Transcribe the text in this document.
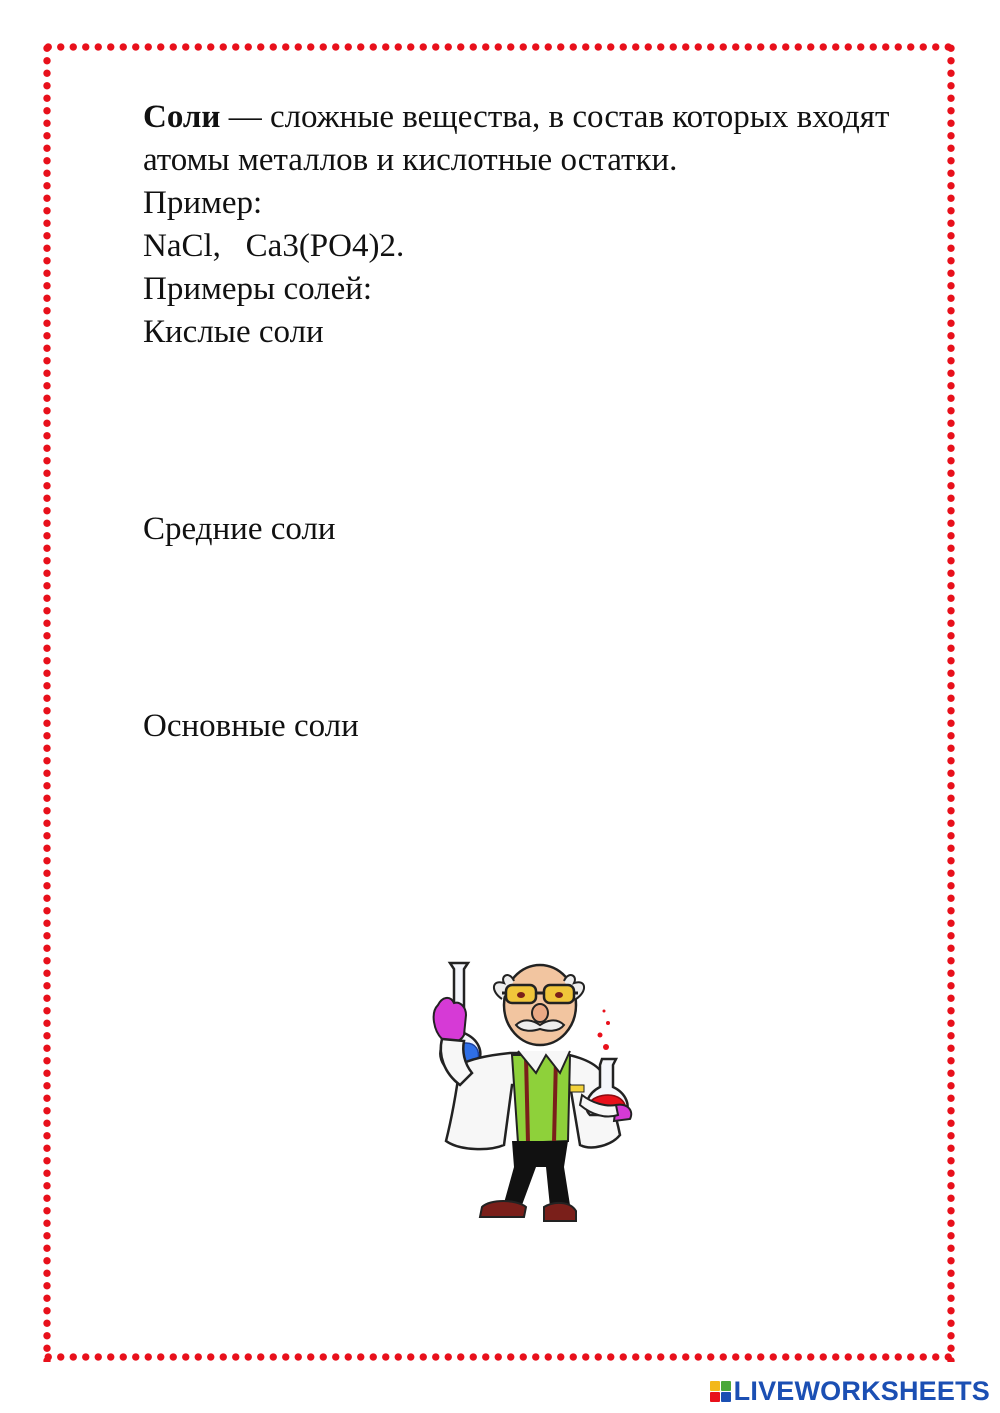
Соли — сложные вещества, в состав которых входят атомы металлов и кислотные остатки.

Пример:

NaCl,   Ca3(PO4)2.

Примеры солей:

Кислые соли

Средние соли

Основные соли

LIVEWORKSHEETS
